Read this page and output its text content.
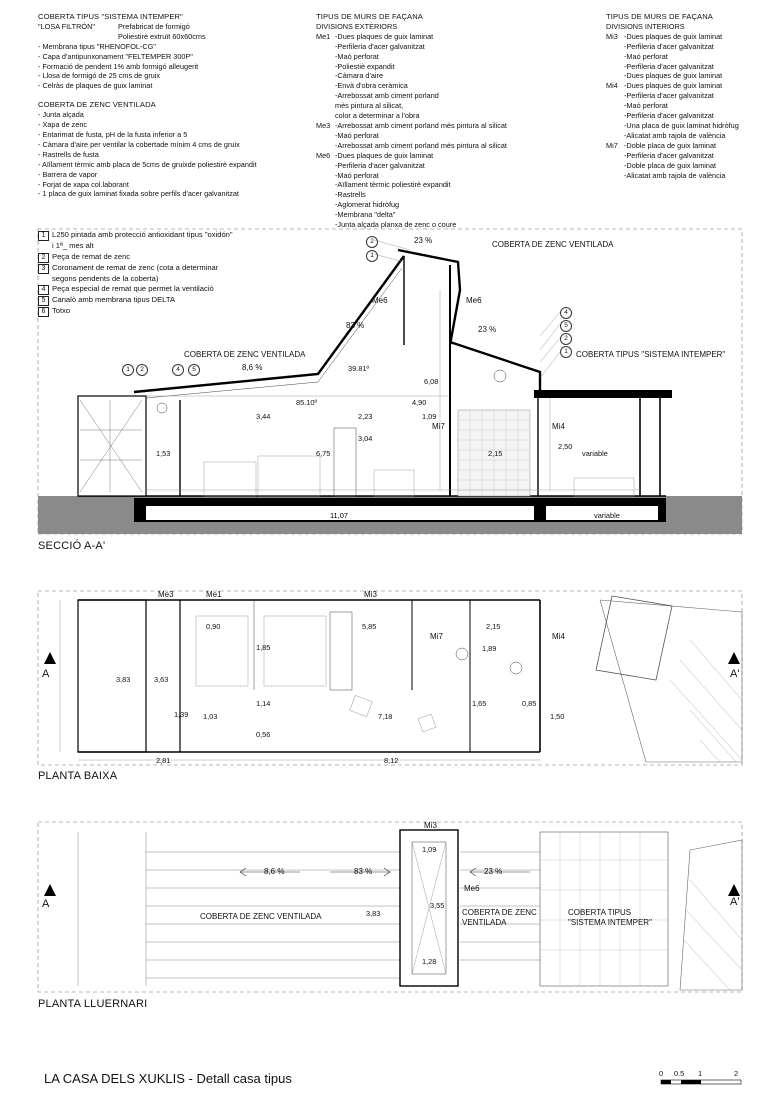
COBERTA TIPUS "SISTEMA INTEMPER"
"LOSA FILTRÓN"	Prefabricat de formigó
Poliestirè extruït 60x60cms
- Membrana tipus "RHENOFOL-CG"
- Capa d'antipunxonament "FELTEMPER 300P"
- Formació de pendent 1% amb formigó alleugerit
- Llosa de formigó de 25 cms de gruix
- Celràs de plaques de guix laminat
COBERTA DE ZENC VENTILADA
- Junta alçada
- Xapa de zenc
- Entarimat de fusta, pH de la fusta inferior a 5
- Càmara d'aire per ventilar la cobertade mínim 4 cms de gruix
- Rastrells de fusta
- Aïllament tèrmic amb placa de 5cms de gruixde poliestirè expandit
- Barrera de vapor
- Forjat de xapa col.laborant
- 1 placa de guix laminat fixada sobre perfils d'acer galvanitzat
TIPUS DE MURS DE FAÇANA
DIVISIONS EXTERIORS
Me1 -Dues plaques de guix laminat
-Perfileria d'acer galvanitzat
-Maó perforat
-Poliestiè expandit
-Càmara d'aire
-Envà d'obra ceràmica
-Arrebossat amb ciment porland
mès pintura al silicat,
color a determinar a l'obra
Me3 -Arrebossat amb ciment porland més pintura al silicat
-Maó perforat
-Arrebossat amb ciment porland més pintura al silicat
Me6 -Dues plaques de guix laminat
-Perfileria d'acer galvanitzat
-Maó perforat
-Aïllament tèrmic poliestirè expandit
-Rastrells
-Aglomerat hidròfug
-Membrana "delta"
-Junta alçada planxa de zenc o coure
TIPUS DE MURS DE FAÇANA
DIVISIONS INTERIORS
Mi3 -Dues plaques de guix laminat
-Perfileria d'acer galvanitzat
-Maó perforat
-Perfileria d'acer galvanitzat
-Dues plaques de guix laminat
Mi4 -Dues plaques de guix laminat
-Perfileria d'acer galvanitzat
-Maó perforat
-Perfileria d'acer galvanitzat
-Una placa de guix laminat hidròfug
-Alicatat amb rajola de valència
Mi7 -Doble placa de guix laminat
-Perfileria d'acer galvanitzat
-Doble placa de guix laminat
-Alicatat amb rajola de valència
1 L250 pintada amb protecció antioxidant tipus "oxidón"
i 1ª_ mes alt
2 Peça de remat de zenc
3 Coronament de remat de zenc (cota a determinar
segons pendents de la coberta)
4 Peça especial de remat que permet la ventilació
5 Canalò amb membrana tipus DELTA
6 Totxo
COBERTA DE ZENC VENTILADA
COBERTA DE ZENC VENTILADA	COBERTA TIPUS "SISTEMA INTEMPER"
Me6	Me6
Mi7	Mi4
23 %
83 %	23 %
8,6 %	39.81º
85.10º
6,08
4,90
3,44	2,23	1,09
3,04
1,53	6,75	2,15
2,50
variable
11,07	variable
2
1
1	2	4	5
4
5
2
1
SECCIÓ A-A'
Me3	Me1	Mi3
Mi7	Mi4
A	A'
0,90	5,85	2,15
1,85	1,89
3,83	3,63
1,39 1,03
1,14
7,18
1,65	0,85
1,50
0,56
2,81	8,12
PLANTA BAIXA
Mi3
1,09
8,6 %	83 %	23 %
Me6
A	A'
3,55
COBERTA DE ZENC VENTILADA	3,83	COBERTA DE ZENC
VENTILADA
COBERTA TIPUS
"SISTEMA INTEMPER"
1,28
PLANTA LLUERNARI
LA CASA DELS XUKLIS - Detall casa tipus	0 0.5 1	2
